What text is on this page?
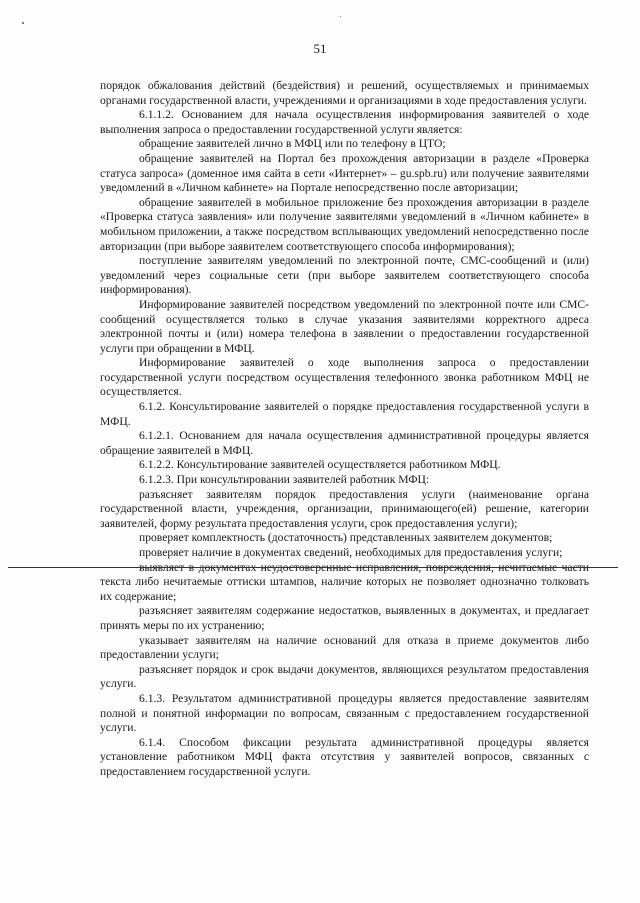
51

порядок обжалования действий (бездействия) и решений, осуществляемых и принимаемых органами государственной власти, учреждениями и организациями в ходе предоставления услуги.

6.1.1.2. Основанием для начала осуществления информирования заявителей о ходе выполнения запроса о предоставлении государственной услуги является:

обращение заявителей лично в МФЦ или по телефону в ЦТО;

обращение заявителей на Портал без прохождения авторизации в разделе «Проверка статуса запроса» (доменное имя сайта в сети «Интернет» – gu.spb.ru) или получение заявителями уведомлений в «Личном кабинете» на Портале непосредственно после авторизации;

обращение заявителей в мобильное приложение без прохождения авторизации в разделе «Проверка статуса заявления» или получение заявителями уведомлений в «Личном кабинете» в мобильном приложении, а также посредством всплывающих уведомлений непосредственно после авторизации (при выборе заявителем соответствующего способа информирования);

поступление заявителям уведомлений по электронной почте, СМС-сообщений и (или) уведомлений через социальные сети (при выборе заявителем соответствующего способа информирования).

Информирование заявителей посредством уведомлений по электронной почте или СМС-сообщений осуществляется только в случае указания заявителями корректного адреса электронной почты и (или) номера телефона в заявлении о предоставлении государственной услуги при обращении в МФЦ.

Информирование заявителей о ходе выполнения запроса о предоставлении государственной услуги посредством осуществления телефонного звонка работником МФЦ не осуществляется.

6.1.2. Консультирование заявителей о порядке предоставления государственной услуги в МФЦ.

6.1.2.1. Основанием для начала осуществления административной процедуры является обращение заявителей в МФЦ.

6.1.2.2. Консультирование заявителей осуществляется работником МФЦ.

6.1.2.3. При консультировании заявителей работник МФЦ:

разъясняет заявителям порядок предоставления услуги (наименование органа государственной власти, учреждения, организации, принимающего(ей) решение, категории заявителей, форму результата предоставления услуги, срок предоставления услуги);

проверяет комплектность (достаточность) представленных заявителем документов;

проверяет наличие в документах сведений, необходимых для предоставления услуги;

выявляет в документах неудостоверенные исправления, повреждения, нечитаемые части текста либо нечитаемые оттиски штампов, наличие которых не позволяет однозначно толковать их содержание;

разъясняет заявителям содержание недостатков, выявленных в документах, и предлагает принять меры по их устранению;

указывает заявителям на наличие оснований для отказа в приеме документов либо предоставлении услуги;

разъясняет порядок и срок выдачи документов, являющихся результатом предоставления услуги.

6.1.3. Результатом административной процедуры является предоставление заявителям полной и понятной информации по вопросам, связанным с предоставлением государственной услуги.

6.1.4. Способом фиксации результата административной процедуры является установление работником МФЦ факта отсутствия у заявителей вопросов, связанных с предоставлением государственной услуги.
